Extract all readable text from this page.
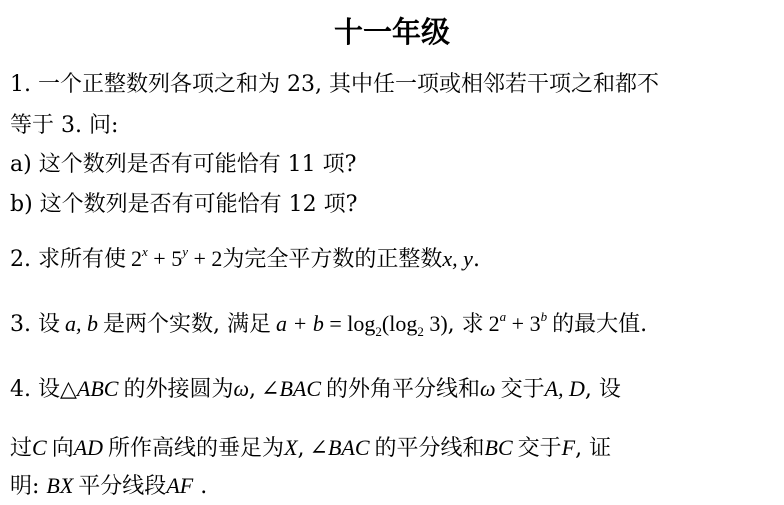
十一年级
1. 一个正整数列各项之和为 23, 其中任一项或相邻若干项之和都不
等于 3. 问:
a) 这个数列是否有可能恰有 11 项?
b) 这个数列是否有可能恰有 12 项?
2. 求所有使 $2^x + 5^y + 2$为完全平方数的正整数x, y.
3. 设 a, b 是两个实数, 满足 $a + b = \log_2(\log_2$ 3), 求 $2^a + 3^b$ 的最大值.
4. 设△ABC 的外接圆为ω, ∠BAC 的外角平分线和ω 交于A, D, 设
过C 向AD 所作高线的垂足为X, ∠BAC 的平分线和BC 交于F, 证
明: BX 平分线段AF .
